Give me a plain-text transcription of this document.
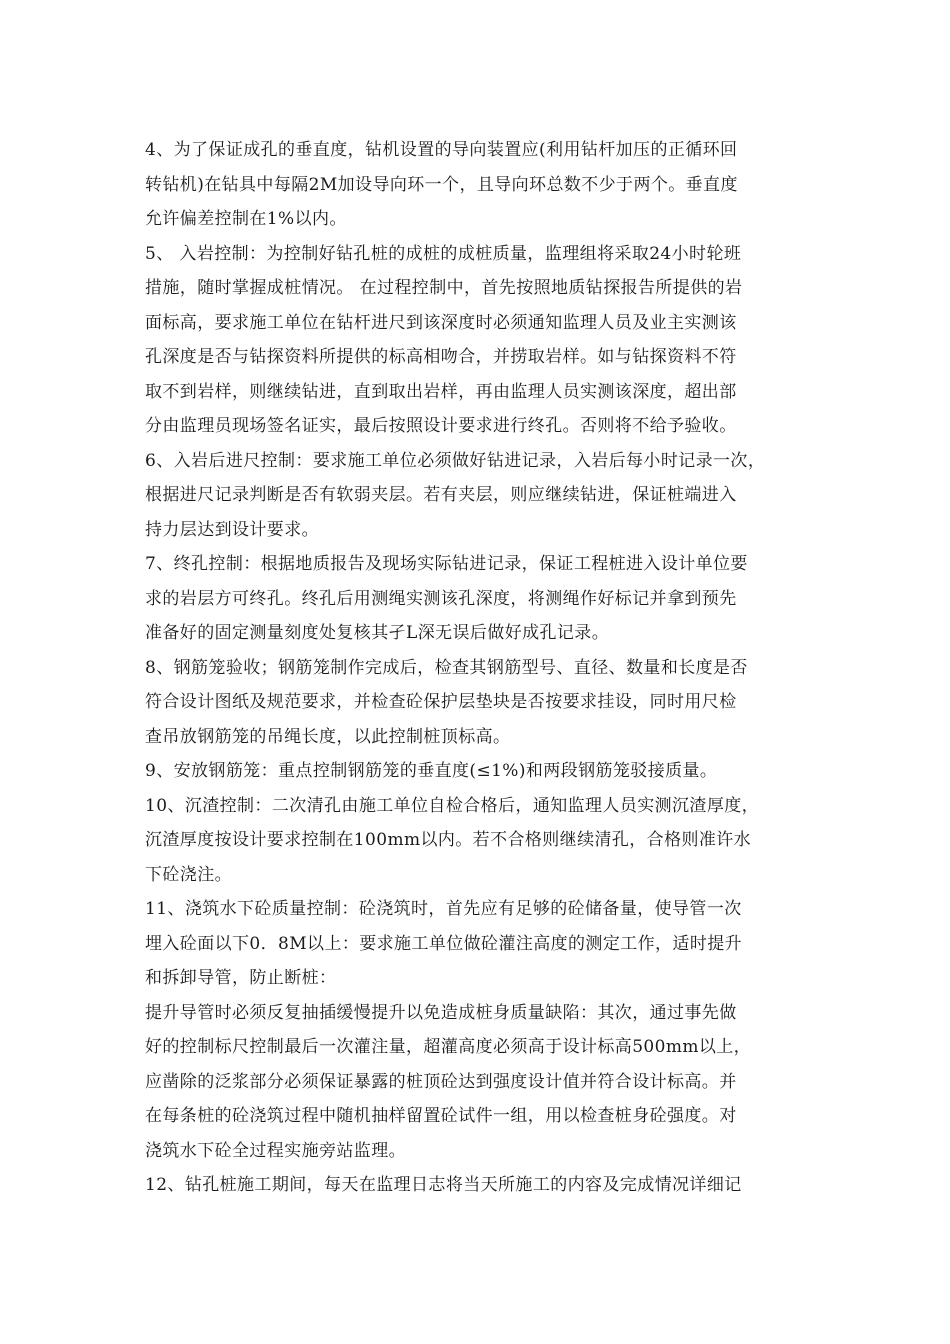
4、为了保证成孔的垂直度，钻机设置的导向装置应(利用钻杆加压的正循环回
转钻机)在钻具中每隔2M加设导向环一个，且导向环总数不少于两个。垂直度
允许偏差控制在1%以内。
5、 入岩控制：为控制好钻孔桩的成桩的成桩质量，监理组将采取24小时轮班
措施，随时掌握成桩情况。 在过程控制中，首先按照地质钻探报告所提供的岩
面标高，要求施工单位在钻杆进尺到该深度时必须通知监理人员及业主实测该
孔深度是否与钻探资料所提供的标高相吻合，并捞取岩样。如与钻探资料不符
取不到岩样，则继续钻进，直到取出岩样，再由监理人员实测该深度，超出部
分由监理员现场签名证实，最后按照设计要求进行终孔。否则将不给予验收。
6、入岩后进尺控制：要求施工单位必须做好钻进记录，入岩后每小时记录一次，
根据进尺记录判断是否有软弱夹层。若有夹层，则应继续钻进，保证桩端进入
持力层达到设计要求。
7、终孔控制：根据地质报告及现场实际钻进记录，保证工程桩进入设计单位要
求的岩层方可终孔。终孔后用测绳实测该孔深度，将测绳作好标记并拿到预先
准备好的固定测量刻度处复核其孑L深无误后做好成孔记录。
8、钢筋笼验收；钢筋笼制作完成后，检查其钢筋型号、直径、数量和长度是否
符合设计图纸及规范要求，并检查砼保护层垫块是否按要求挂设，同时用尺检
查吊放钢筋笼的吊绳长度，以此控制桩顶标高。
9、安放钢筋笼：重点控制钢筋笼的垂直度(≤1%)和两段钢筋笼驳接质量。
10、沉渣控制：二次清孔由施工单位自检合格后，通知监理人员实测沉渣厚度，
沉渣厚度按设计要求控制在100mm以内。若不合格则继续清孔，合格则准许水
下砼浇注。
11、浇筑水下砼质量控制：砼浇筑时，首先应有足够的砼储备量，使导管一次
埋入砼面以下0．8M以上：要求施工单位做砼灌注高度的测定工作，适时提升
和拆卸导管，防止断桩：
提升导管时必须反复抽插缓慢提升以免造成桩身质量缺陷：其次，通过事先做
好的控制标尺控制最后一次灌注量，超灌高度必须高于设计标高500mm以上，
应凿除的泛浆部分必须保证暴露的桩顶砼达到强度设计值并符合设计标高。并
在每条桩的砼浇筑过程中随机抽样留置砼试件一组，用以检查桩身砼强度。对
浇筑水下砼全过程实施旁站监理。
12、钻孔桩施工期间，每天在监理日志将当天所施工的内容及完成情况详细记
